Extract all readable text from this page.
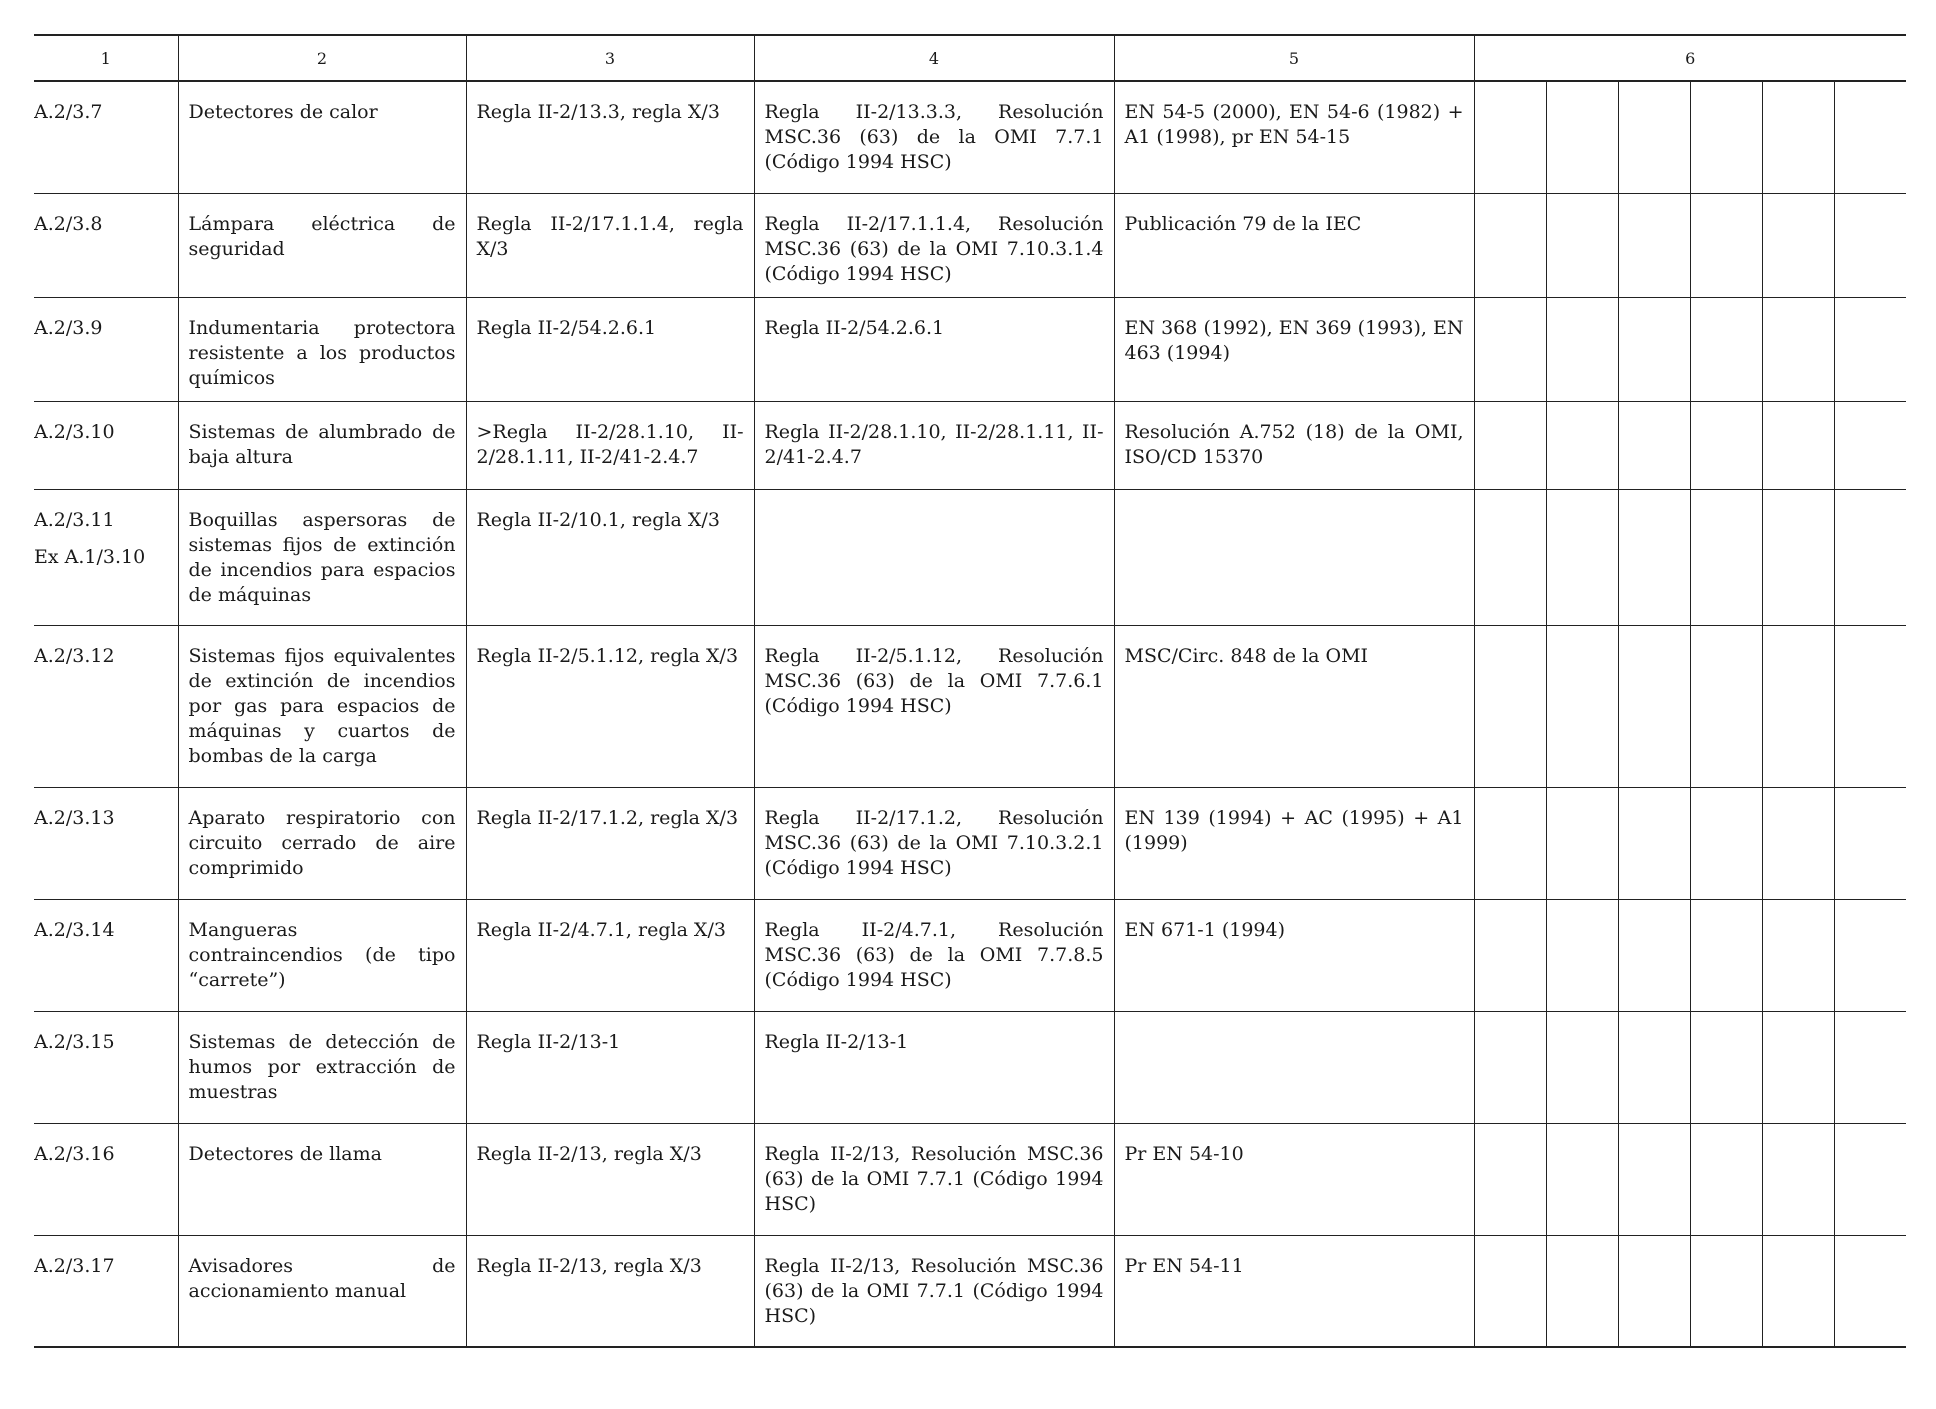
1	2	3	4	5	6					

A.2/3.7	Detectores de calor	Regla II-2/13.3, regla X/3	Regla II-2/13.3.3, Resolución MSC.36 (63) de la OMI 7.7.1 (Código 1994 HSC)	EN 54-5 (2000), EN 54-6 (1982) + A1 (1998), pr EN 54-15						

A.2/3.8	Lámpara eléctrica de seguridad	Regla II-2/17.1.1.4, regla X/3	Regla II-2/17.1.1.4, Resolución MSC.36 (63) de la OMI 7.10.3.1.4 (Código 1994 HSC)	Publicación 79 de la IEC						

A.2/3.9	Indumentaria protectora resistente a los productos químicos	Regla II-2/54.2.6.1	Regla II-2/54.2.6.1	EN 368 (1992), EN 369 (1993), EN 463 (1994)						

A.2/3.10	Sistemas de alumbrado de baja altura	>Regla II-2/28.1.10, II-2/28.1.11, II-2/41-2.4.7	Regla II-2/28.1.10, II-2/28.1.11, II-2/41-2.4.7	Resolución A.752 (18) de la OMI, ISO/CD 15370						

A.2/3.11
Ex A.1/3.10	Boquillas aspersoras de sistemas fijos de extinción de incendios para espacios de máquinas	Regla II-2/10.1, regla X/3								

A.2/3.12	Sistemas fijos equivalentes de extinción de incendios por gas para espacios de máquinas y cuartos de bombas de la carga	Regla II-2/5.1.12, regla X/3	Regla II-2/5.1.12, Resolución MSC.36 (63) de la OMI 7.7.6.1 (Código 1994 HSC)	MSC/Circ. 848 de la OMI						

A.2/3.13	Aparato respiratorio con circuito cerrado de aire comprimido	Regla II-2/17.1.2, regla X/3	Regla II-2/17.1.2, Resolución MSC.36 (63) de la OMI 7.10.3.2.1 (Código 1994 HSC)	EN 139 (1994) + AC (1995) + A1 (1999)						

A.2/3.14	Mangueras contraincendios (de tipo “carrete”)	Regla II-2/4.7.1, regla X/3	Regla II-2/4.7.1, Resolución MSC.36 (63) de la OMI 7.7.8.5 (Código 1994 HSC)	EN 671-1 (1994)						

A.2/3.15	Sistemas de detección de humos por extracción de muestras	Regla II-2/13-1	Regla II-2/13-1							

A.2/3.16	Detectores de llama	Regla II-2/13, regla X/3	Regla II-2/13, Resolución MSC.36 (63) de la OMI 7.7.1 (Código 1994 HSC)	Pr EN 54-10						

A.2/3.17	Avisadores de accionamiento manual	Regla II-2/13, regla X/3	Regla II-2/13, Resolución MSC.36 (63) de la OMI 7.7.1 (Código 1994 HSC)	Pr EN 54-11						
